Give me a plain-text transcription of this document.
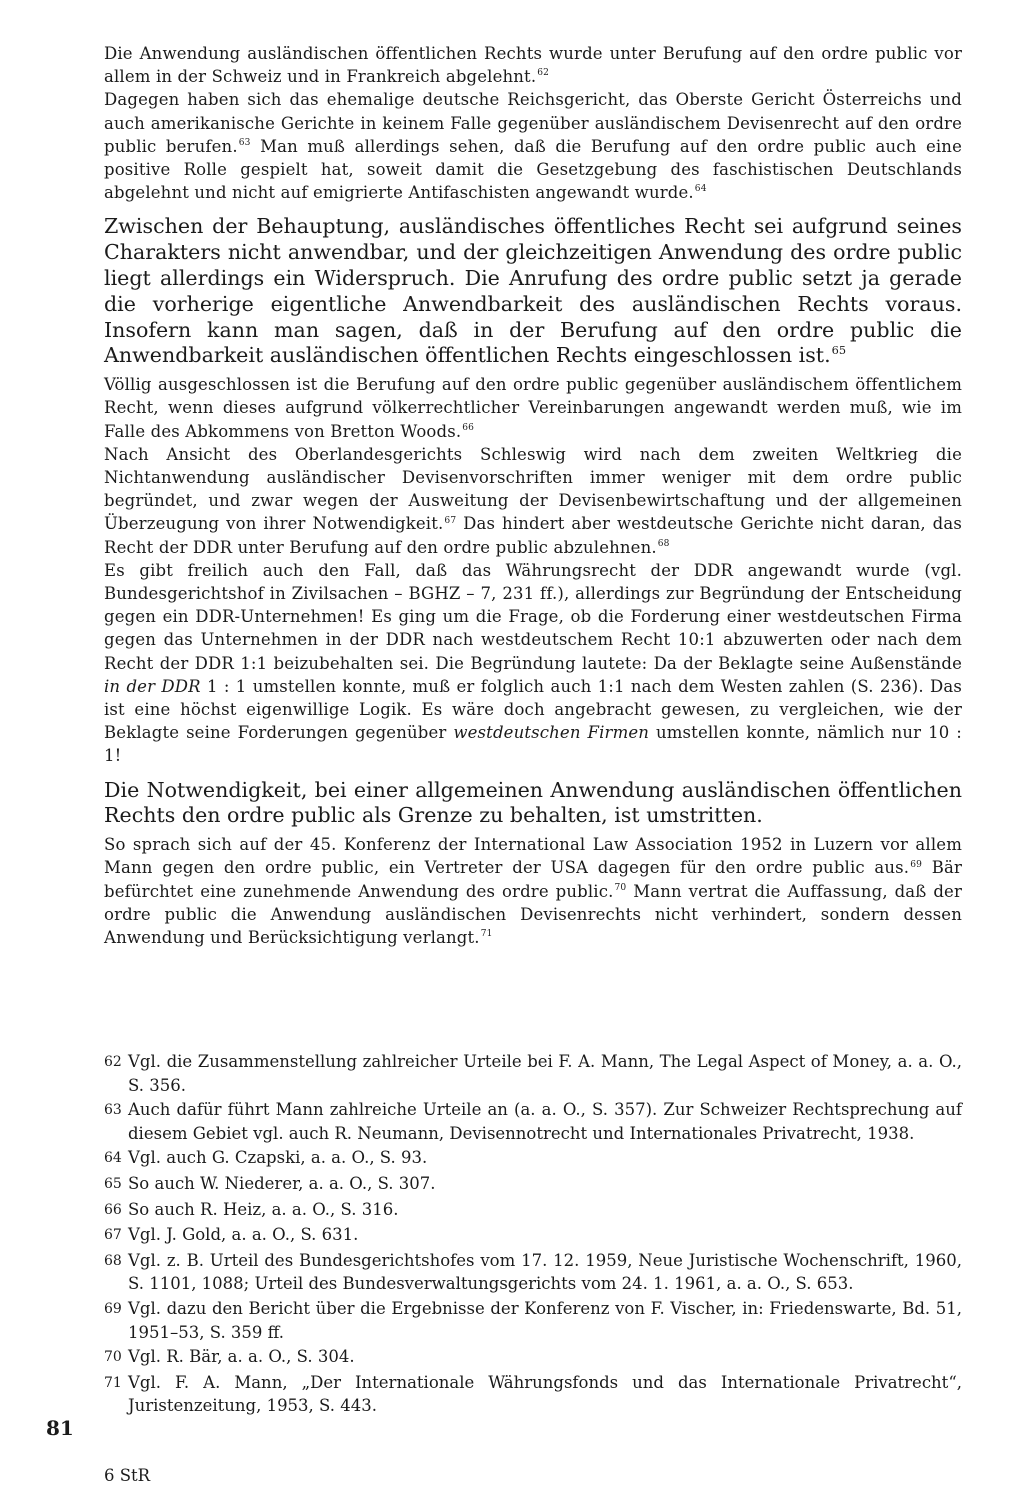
Die Anwendung ausländischen öffentlichen Rechts wurde unter Berufung auf den ordre public vor allem in der Schweiz und in Frankreich abgelehnt.$^{62}$

Dagegen haben sich das ehemalige deutsche Reichsgericht, das Oberste Gericht Österreichs und auch amerikanische Gerichte in keinem Falle gegenüber ausländischem Devisenrecht auf den ordre public berufen.$^{63}$ Man muß allerdings sehen, daß die Berufung auf den ordre public auch eine positive Rolle gespielt hat, soweit damit die Gesetzgebung des faschistischen Deutschlands abgelehnt und nicht auf emigrierte Antifaschisten angewandt wurde.$^{64}$

Zwischen der Behauptung, ausländisches öffentliches Recht sei aufgrund seines Charakters nicht anwendbar, und der gleichzeitigen Anwendung des ordre public liegt allerdings ein Widerspruch. Die Anrufung des ordre public setzt ja gerade die vorherige eigentliche Anwendbarkeit des ausländischen Rechts voraus. Insofern kann man sagen, daß in der Berufung auf den ordre public die Anwendbarkeit ausländischen öffentlichen Rechts eingeschlossen ist.$^{65}$

Völlig ausgeschlossen ist die Berufung auf den ordre public gegenüber ausländischem öffentlichem Recht, wenn dieses aufgrund völkerrechtlicher Vereinbarungen angewandt werden muß, wie im Falle des Abkommens von Bretton Woods.$^{66}$

Nach Ansicht des Oberlandesgerichts Schleswig wird nach dem zweiten Weltkrieg die Nichtanwendung ausländischer Devisenvorschriften immer weniger mit dem ordre public begründet, und zwar wegen der Ausweitung der Devisenbewirtschaftung und der allgemeinen Überzeugung von ihrer Notwendigkeit.$^{67}$ Das hindert aber westdeutsche Gerichte nicht daran, das Recht der DDR unter Berufung auf den ordre public abzulehnen.$^{68}$

Es gibt freilich auch den Fall, daß das Währungsrecht der DDR angewandt wurde (vgl. Bundesgerichtshof in Zivilsachen – BGHZ – 7, 231 ff.), allerdings zur Begründung der Entscheidung gegen ein DDR-Unternehmen! Es ging um die Frage, ob die Forderung einer westdeutschen Firma gegen das Unternehmen in der DDR nach westdeutschem Recht 10:1 abzuwerten oder nach dem Recht der DDR 1:1 beizubehalten sei. Die Begründung lautete: Da der Beklagte seine Außenstände in der DDR 1 : 1 umstellen konnte, muß er folglich auch 1:1 nach dem Westen zahlen (S. 236). Das ist eine höchst eigenwillige Logik. Es wäre doch angebracht gewesen, zu vergleichen, wie der Beklagte seine Forderungen gegenüber westdeutschen Firmen umstellen konnte, nämlich nur 10 : 1!

Die Notwendigkeit, bei einer allgemeinen Anwendung ausländischen öffentlichen Rechts den ordre public als Grenze zu behalten, ist umstritten.

So sprach sich auf der 45. Konferenz der International Law Association 1952 in Luzern vor allem Mann gegen den ordre public, ein Vertreter der USA dagegen für den ordre public aus.$^{69}$ Bär befürchtet eine zunehmende Anwendung des ordre public.$^{70}$ Mann vertrat die Auffassung, daß der ordre public die Anwendung ausländischen Devisenrechts nicht verhindert, sondern dessen Anwendung und Berücksichtigung verlangt.$^{71}$

62 Vgl. die Zusammenstellung zahlreicher Urteile bei F. A. Mann, The Legal Aspect of Money, a. a. O., S. 356.
63 Auch dafür führt Mann zahlreiche Urteile an (a. a. O., S. 357). Zur Schweizer Rechtsprechung auf diesem Gebiet vgl. auch R. Neumann, Devisennotrecht und Internationales Privatrecht, 1938.
64 Vgl. auch G. Czapski, a. a. O., S. 93.
65 So auch W. Niederer, a. a. O., S. 307.
66 So auch R. Heiz, a. a. O., S. 316.
67 Vgl. J. Gold, a. a. O., S. 631.
68 Vgl. z. B. Urteil des Bundesgerichtshofes vom 17. 12. 1959, Neue Juristische Wochenschrift, 1960, S. 1101, 1088; Urteil des Bundesverwaltungsgerichts vom 24. 1. 1961, a. a. O., S. 653.
69 Vgl. dazu den Bericht über die Ergebnisse der Konferenz von F. Vischer, in: Friedenswarte, Bd. 51, 1951–53, S. 359 ff.
70 Vgl. R. Bär, a. a. O., S. 304.
71 Vgl. F. A. Mann, „Der Internationale Währungsfonds und das Internationale Privatrecht“, Juristenzeitung, 1953, S. 443.
81
6 StR
